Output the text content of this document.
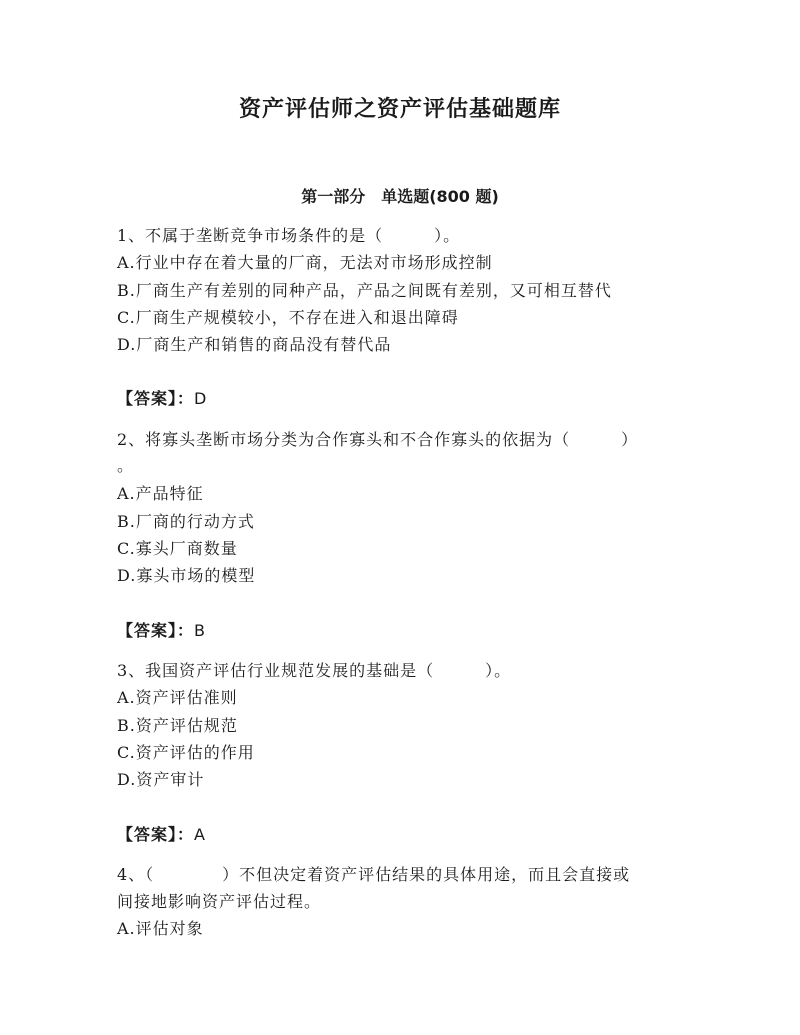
资产评估师之资产评估基础题库
第一部分　单选题(800 题)
1、不属于垄断竞争市场条件的是（　　　）。
A.行业中存在着大量的厂商，无法对市场形成控制
B.厂商生产有差别的同种产品，产品之间既有差别，又可相互替代
C.厂商生产规模较小，不存在进入和退出障碍
D.厂商生产和销售的商品没有替代品
【答案】：D
2、将寡头垄断市场分类为合作寡头和不合作寡头的依据为（　　　）
。
A.产品特征
B.厂商的行动方式
C.寡头厂商数量
D.寡头市场的模型
【答案】：B
3、我国资产评估行业规范发展的基础是（　　　）。
A.资产评估准则
B.资产评估规范
C.资产评估的作用
D.资产审计
【答案】：A
4、（　　　　）不但决定着资产评估结果的具体用途，而且会直接或
间接地影响资产评估过程。
A.评估对象
